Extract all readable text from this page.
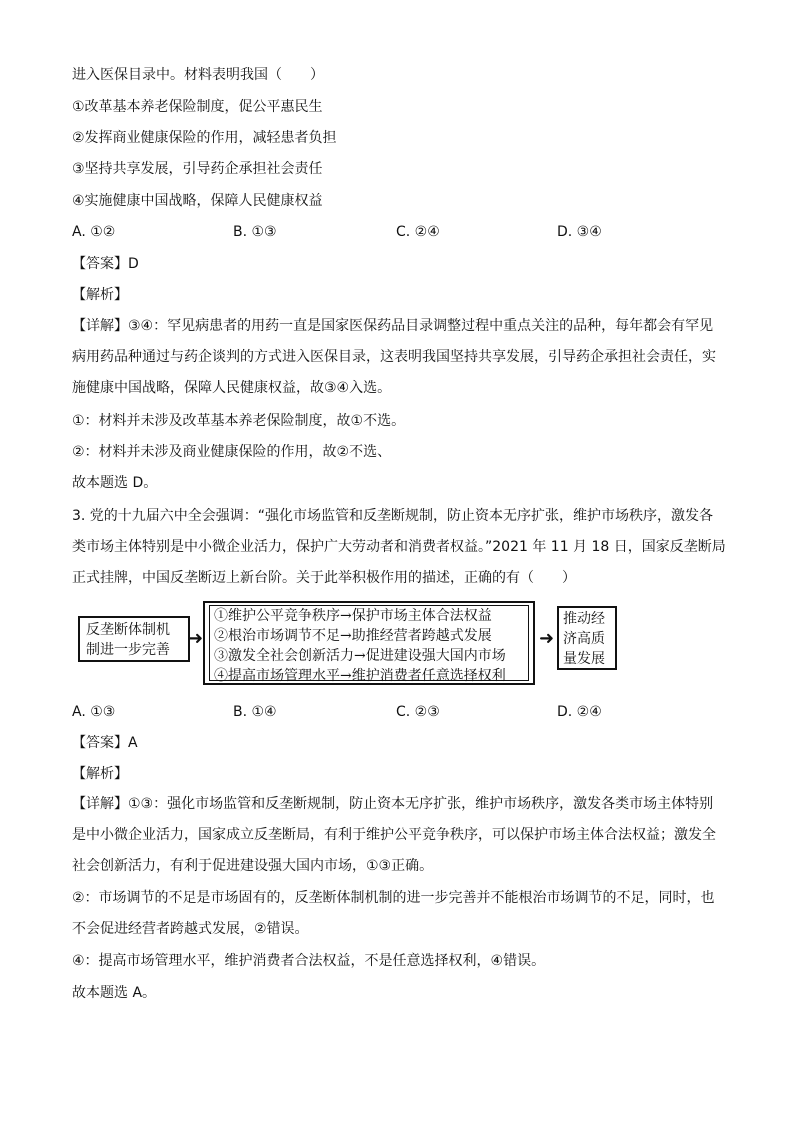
进入医保目录中。材料表明我国（　　）
①改革基本养老保险制度，促公平惠民生
②发挥商业健康保险的作用，减轻患者负担
③坚持共享发展，引导药企承担社会责任
④实施健康中国战略，保障人民健康权益
A. ①②	B. ①③	C. ②④	D. ③④
【答案】D
【解析】
【详解】③④：罕见病患者的用药一直是国家医保药品目录调整过程中重点关注的品种，每年都会有罕见
病用药品种通过与药企谈判的方式进入医保目录，这表明我国坚持共享发展，引导药企承担社会责任，实
施健康中国战略，保障人民健康权益，故③④入选。
①：材料并未涉及改革基本养老保险制度，故①不选。
②：材料并未涉及商业健康保险的作用，故②不选、
故本题选 D。
3. 党的十九届六中全会强调：“强化市场监管和反垄断规制，防止资本无序扩张，维护市场秩序，激发各
类市场主体特别是中小微企业活力，保护广大劳动者和消费者权益。”2021 年 11 月 18 日，国家反垄断局
正式挂牌，中国反垄断迈上新台阶。关于此举积极作用的描述，正确的有（　　）
反垄断体制机
制进一步完善
➜
①维护公平竞争秩序→保护市场主体合法权益
②根治市场调节不足→助推经营者跨越式发展
③激发全社会创新活力→促进建设强大国内市场
④提高市场管理水平→维护消费者任意选择权利
➜
推动经
济高质
量发展
A. ①③	B. ①④	C. ②③	D. ②④
【答案】A
【解析】
【详解】①③：强化市场监管和反垄断规制，防止资本无序扩张，维护市场秩序，激发各类市场主体特别
是中小微企业活力，国家成立反垄断局，有利于维护公平竞争秩序，可以保护市场主体合法权益；激发全
社会创新活力，有利于促进建设强大国内市场，①③正确。
②：市场调节的不足是市场固有的，反垄断体制机制的进一步完善并不能根治市场调节的不足，同时，也
不会促进经营者跨越式发展，②错误。
④：提高市场管理水平，维护消费者合法权益，不是任意选择权利，④错误。
故本题选 A。
